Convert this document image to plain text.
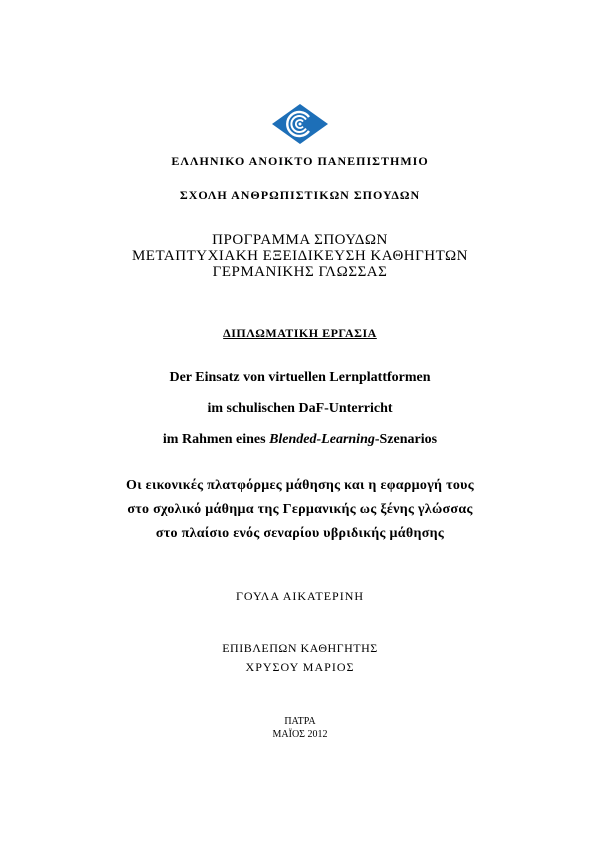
ΕΛΛΗΝΙΚΟ ΑΝΟΙΚΤΟ ΠΑΝΕΠΙΣΤΗΜΙΟ
ΣΧΟΛΗ ΑΝΘΡΩΠΙΣΤΙΚΩΝ ΣΠΟΥΔΩΝ
ΠΡΟΓΡΑΜΜΑ ΣΠΟΥΔΩΝ
ΜΕΤΑΠΤΥΧΙΑΚΗ ΕΞΕΙΔΙΚΕΥΣΗ ΚΑΘΗΓΗΤΩΝ
ΓΕΡΜΑΝΙΚΗΣ ΓΛΩΣΣΑΣ
ΔΙΠΛΩΜΑΤΙΚΗ ΕΡΓΑΣΙΑ
Der Einsatz von virtuellen Lernplattformen
im schulischen DaF-Unterricht
im Rahmen eines Blended-Learning-Szenarios
Οι εικονικές πλατφόρμες μάθησης και η εφαρμογή τους
στο σχολικό μάθημα της Γερμανικής ως ξένης γλώσσας
στο πλαίσιο ενός σεναρίου υβριδικής μάθησης
ΓΟΥΛΑ ΑΙΚΑΤΕΡΙΝΗ
ΕΠΙΒΛΕΠΩΝ ΚΑΘΗΓΗΤΗΣ
ΧΡΥΣΟΥ ΜΑΡΙΟΣ
ΠΑΤΡΑ
ΜΑΪΟΣ 2012
